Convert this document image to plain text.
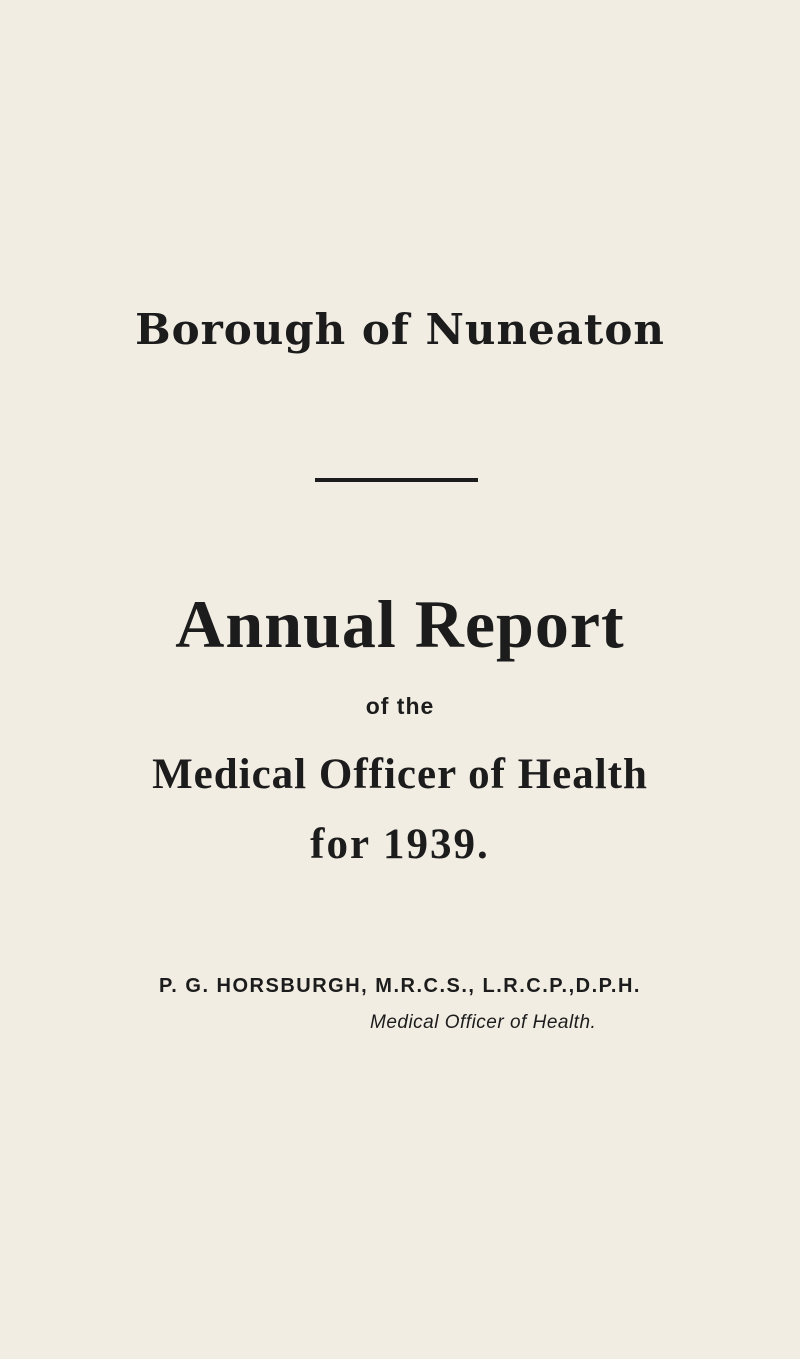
Borough of Nuneaton
Annual Report
of the
Medical Officer of Health
for 1939.
P. G. HORSBURGH, M.R.C.S., L.R.C.P.,D.P.H.
Medical Officer of Health.
